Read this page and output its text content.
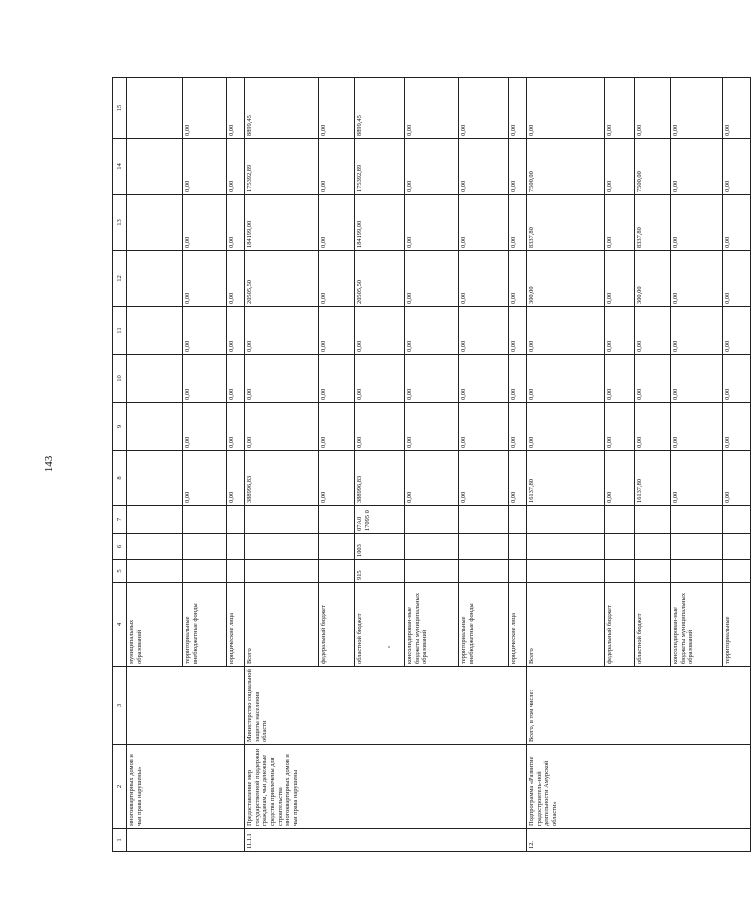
143
1	2	3	4	5	6	7	8	9	10	11	12	13	14	15
	многоквартирных домов и чьи права нарушены»		муниципальных образований											
			территориальные внебюджетные фонды				0,00	0,00	0,00	0,00	0,00	0,00	0,00	0,00
			юридические лица				0,00	0,00	0,00	0,00	0,00	0,00	0,00	0,00
11.1.1	Предоставление мер государственной поддержки гражданам, чьи денежные средства привлечены для строительства многоквартирных домов и чьи права нарушены	Министерство социальной защиты населения области	Всего				388996,83	0,00	0,00	0,00	20505,50	184199,00	175392,89	8899,45
			федеральный бюджет				0,00	0,00	0,00	0,00	0,00	0,00	0,00	0,00
			областной бюджет	915	1003	07А0 17095 0	388996,83	0,00	0,00	0,00	20505,50	184199,00	175392,89	8899,45
			консолидирован-ные бюджеты муниципальных образований				0,00	0,00	0,00	0,00	0,00	0,00	0,00	0,00
			территориальные внебюджетные фонды				0,00	0,00	0,00	0,00	0,00	0,00	0,00	0,00
			юридические лица				0,00	0,00	0,00	0,00	0,00	0,00	0,00	0,00
12.	Подпрограмма «Развитие градостроитель-ной деятельности Амурской области»	Всего, в том числе:	Всего				16137,80	0,00	0,00	0,00	300,00	8337,80	7500,00	0,00
			федеральный бюджет				0,00	0,00	0,00	0,00	0,00	0,00	0,00	0,00
			областной бюджет				16137,80	0,00	0,00	0,00	300,00	8337,80	7500,00	0,00
			консолидирован-ные бюджеты муниципальных образований				0,00	0,00	0,00	0,00	0,00	0,00	0,00	0,00
			территориальные				0,00	0,00	0,00	0,00	0,00	0,00	0,00	0,00
